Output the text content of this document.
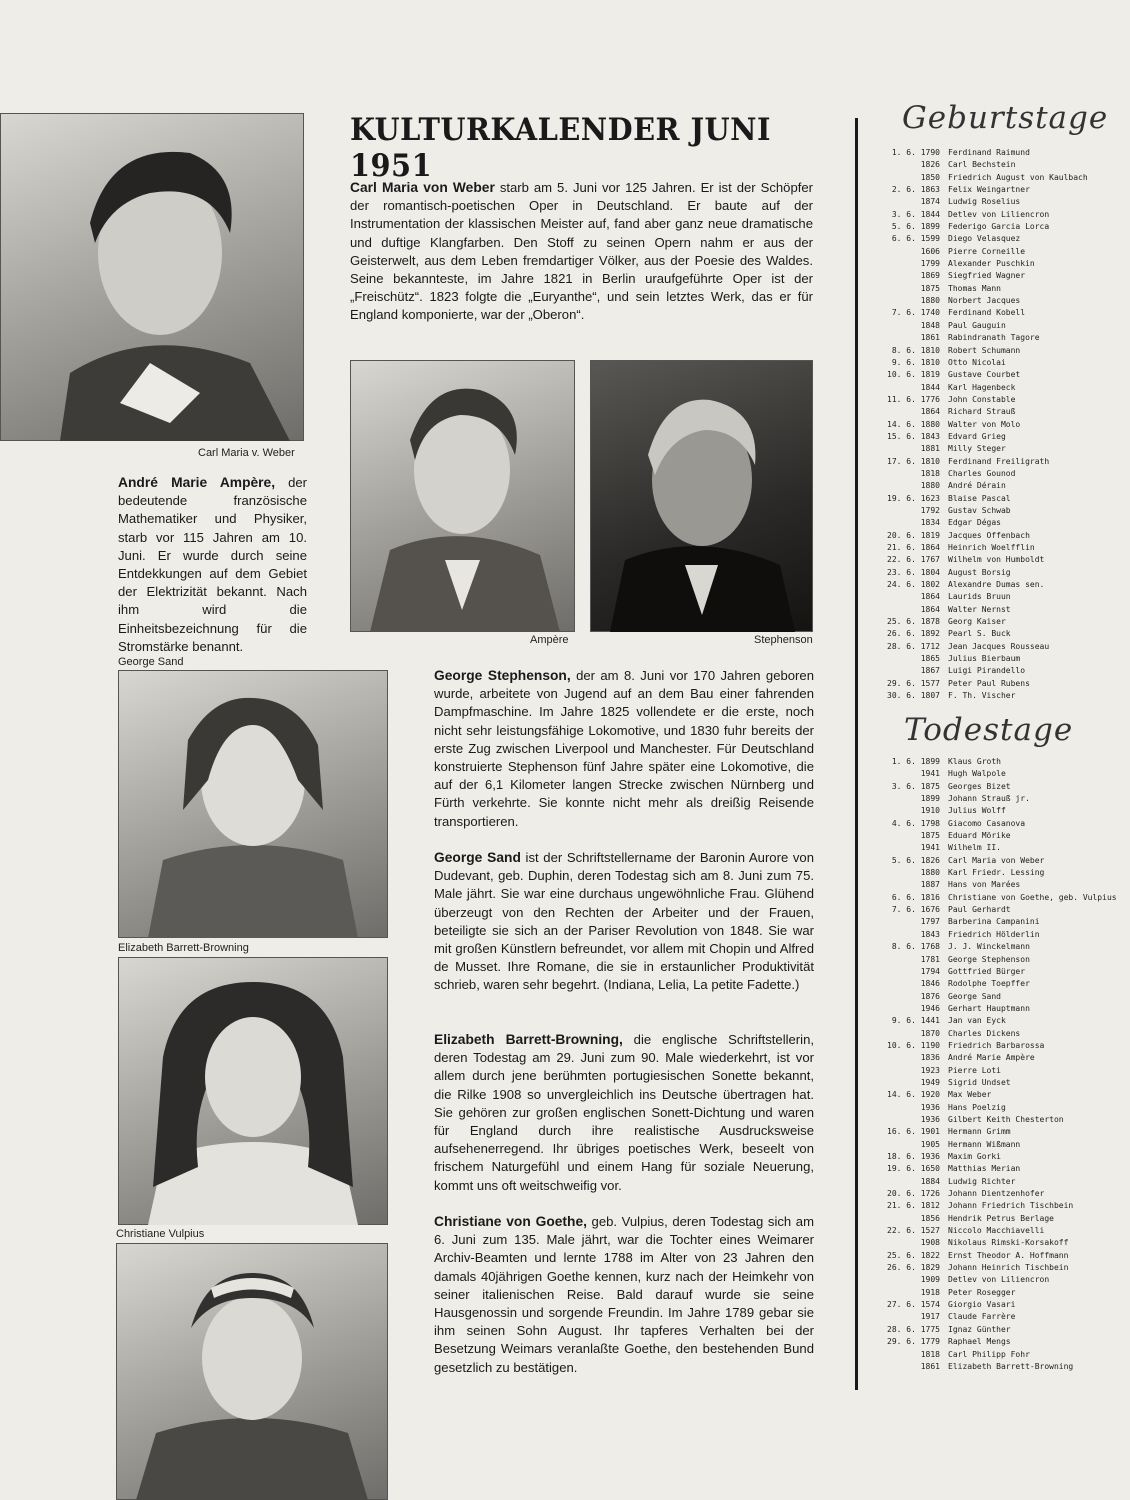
Carl Maria v. Weber
KULTURKALENDER JUNI 1951
Carl Maria von Weber starb am 5. Juni vor 125 Jahren. Er ist der Schöpfer der romantisch-poetischen Oper in Deutschland. Er baute auf der Instrumentation der klassischen Meister auf, fand aber ganz neue dramatische und duftige Klangfarben. Den Stoff zu seinen Opern nahm er aus der Geisterwelt, aus dem Leben fremdartiger Völker, aus der Poesie des Waldes. Seine bekannteste, im Jahre 1821 in Berlin uraufgeführte Oper ist der „Freischütz“. 1823 folgte die „Euryanthe“, und sein letztes Werk, das er für England komponierte, war der „Oberon“.
André Marie Ampère, der bedeutende französische Mathematiker und Physiker, starb vor 115 Jahren am 10. Juni. Er wurde durch seine Entdekkungen auf dem Gebiet der Elektrizität bekannt. Nach ihm wird die Einheitsbezeichnung für die Stromstärke benannt.	Ampère	Stephenson
George Sand
Elizabeth Barrett-Browning
Christiane Vulpius
George Stephenson, der am 8. Juni vor 170 Jahren geboren wurde, arbeitete von Jugend auf an dem Bau einer fahrenden Dampfmaschine. Im Jahre 1825 vollendete er die erste, noch nicht sehr leistungsfähige Lokomotive, und 1830 fuhr bereits der erste Zug zwischen Liverpool und Manchester. Für Deutschland konstruierte Stephenson fünf Jahre später eine Lokomotive, die auf der 6,1 Kilometer langen Strecke zwischen Nürnberg und Fürth verkehrte. Sie konnte nicht mehr als dreißig Reisende transportieren.
George Sand ist der Schriftstellername der Baronin Aurore von Dudevant, geb. Duphin, deren Todestag sich am 8. Juni zum 75. Male jährt. Sie war eine durchaus ungewöhnliche Frau. Glühend überzeugt von den Rechten der Arbeiter und der Frauen, beteiligte sie sich an der Pariser Revolution von 1848. Sie war mit großen Künstlern befreundet, vor allem mit Chopin und Alfred de Musset. Ihre Romane, die sie in erstaunlicher Produktivität schrieb, waren sehr begehrt. (Indiana, Lelia, La petite Fadette.)
Elizabeth Barrett-Browning, die englische Schriftstellerin, deren Todestag am 29. Juni zum 90. Male wiederkehrt, ist vor allem durch jene berühmten portugiesischen Sonette bekannt, die Rilke 1908 so unvergleichlich ins Deutsche übertragen hat. Sie gehören zur großen englischen Sonett-Dichtung und waren für England durch ihre realistische Ausdrucksweise aufsehenerregend. Ihr übriges poetisches Werk, beseelt von frischem Naturgefühl und einem Hang für soziale Neuerung, kommt uns oft weitschweifig vor.
Christiane von Goethe, geb. Vulpius, deren Todestag sich am 6. Juni zum 135. Male jährt, war die Tochter eines Weimarer Archiv-Beamten und lernte 1788 im Alter von 23 Jahren den damals 40jährigen Goethe kennen, kurz nach der Heimkehr von seiner italienischen Reise. Bald darauf wurde sie seine Hausgenossin und sorgende Freundin. Im Jahre 1789 gebar sie ihm seinen Sohn August. Ihr tapferes Verhalten bei der Besetzung Weimars veranlaßte Goethe, den bestehenden Bund gesetzlich zu bestätigen.
Geburtstage
1. 6. 1790	Ferdinand Raimund
1826	Carl Bechstein
1850	Friedrich August von Kaulbach
2. 6. 1863	Felix Weingartner
1874	Ludwig Roselius
3. 6. 1844	Detlev von Liliencron
5. 6. 1899	Federigo Garcia Lorca
6. 6. 1599	Diego Velasquez
1606	Pierre Corneille
1799	Alexander Puschkin
1869	Siegfried Wagner
1875	Thomas Mann
1880	Norbert Jacques
7. 6. 1740	Ferdinand Kobell
1848	Paul Gauguin
1861	Rabindranath Tagore
8. 6. 1810	Robert Schumann
9. 6. 1810	Otto Nicolai
10. 6. 1819	Gustave Courbet
1844	Karl Hagenbeck
11. 6. 1776	John Constable
1864	Richard Strauß
14. 6. 1880	Walter von Molo
15. 6. 1843	Edvard Grieg
1881	Milly Steger
17. 6. 1810	Ferdinand Freiligrath
1818	Charles Gounod
1880	André Dérain
19. 6. 1623	Blaise Pascal
1792	Gustav Schwab
1834	Edgar Dégas
20. 6. 1819	Jacques Offenbach
21. 6. 1864	Heinrich Woelfflin
22. 6. 1767	Wilhelm von Humboldt
23. 6. 1804	August Borsig
24. 6. 1802	Alexandre Dumas sen.
1864	Laurids Bruun
1864	Walter Nernst
25. 6. 1878	Georg Kaiser
26. 6. 1892	Pearl S. Buck
28. 6. 1712	Jean Jacques Rousseau
1865	Julius Bierbaum
1867	Luigi Pirandello
29. 6. 1577	Peter Paul Rubens
30. 6. 1807	F. Th. Vischer
Todestage
1. 6. 1899	Klaus Groth
1941	Hugh Walpole
3. 6. 1875	Georges Bizet
1899	Johann Strauß jr.
1910	Julius Wolff
4. 6. 1798	Giacomo Casanova
1875	Eduard Mörike
1941	Wilhelm II.
5. 6. 1826	Carl Maria von Weber
1880	Karl Friedr. Lessing
1887	Hans von Marées
6. 6. 1816	Christiane von Goethe, geb. Vulpius
7. 6. 1676	Paul Gerhardt
1797	Barberina Campanini
1843	Friedrich Hölderlin
8. 6. 1768	J. J. Winckelmann
1781	George Stephenson
1794	Gottfried Bürger
1846	Rodolphe Toepffer
1876	George Sand
1946	Gerhart Hauptmann
9. 6. 1441	Jan van Eyck
1870	Charles Dickens
10. 6. 1190	Friedrich Barbarossa
1836	André Marie Ampère
1923	Pierre Loti
1949	Sigrid Undset
14. 6. 1920	Max Weber
1936	Hans Poelzig
1936	Gilbert Keith Chesterton
16. 6. 1901	Hermann Grimm
1905	Hermann Wißmann
18. 6. 1936	Maxim Gorki
19. 6. 1650	Matthias Merian
1884	Ludwig Richter
20. 6. 1726	Johann Dientzenhofer
21. 6. 1812	Johann Friedrich Tischbein
1856	Hendrik Petrus Berlage
22. 6. 1527	Niccolo Macchiavelli
1908	Nikolaus Rimski-Korsakoff
25. 6. 1822	Ernst Theodor A. Hoffmann
26. 6. 1829	Johann Heinrich Tischbein
1909	Detlev von Liliencron
1918	Peter Rosegger
27. 6. 1574	Giorgio Vasari
1917	Claude Farrère
28. 6. 1775	Ignaz Günther
29. 6. 1779	Raphael Mengs
1818	Carl Philipp Fohr
1861	Elizabeth Barrett-Browning
